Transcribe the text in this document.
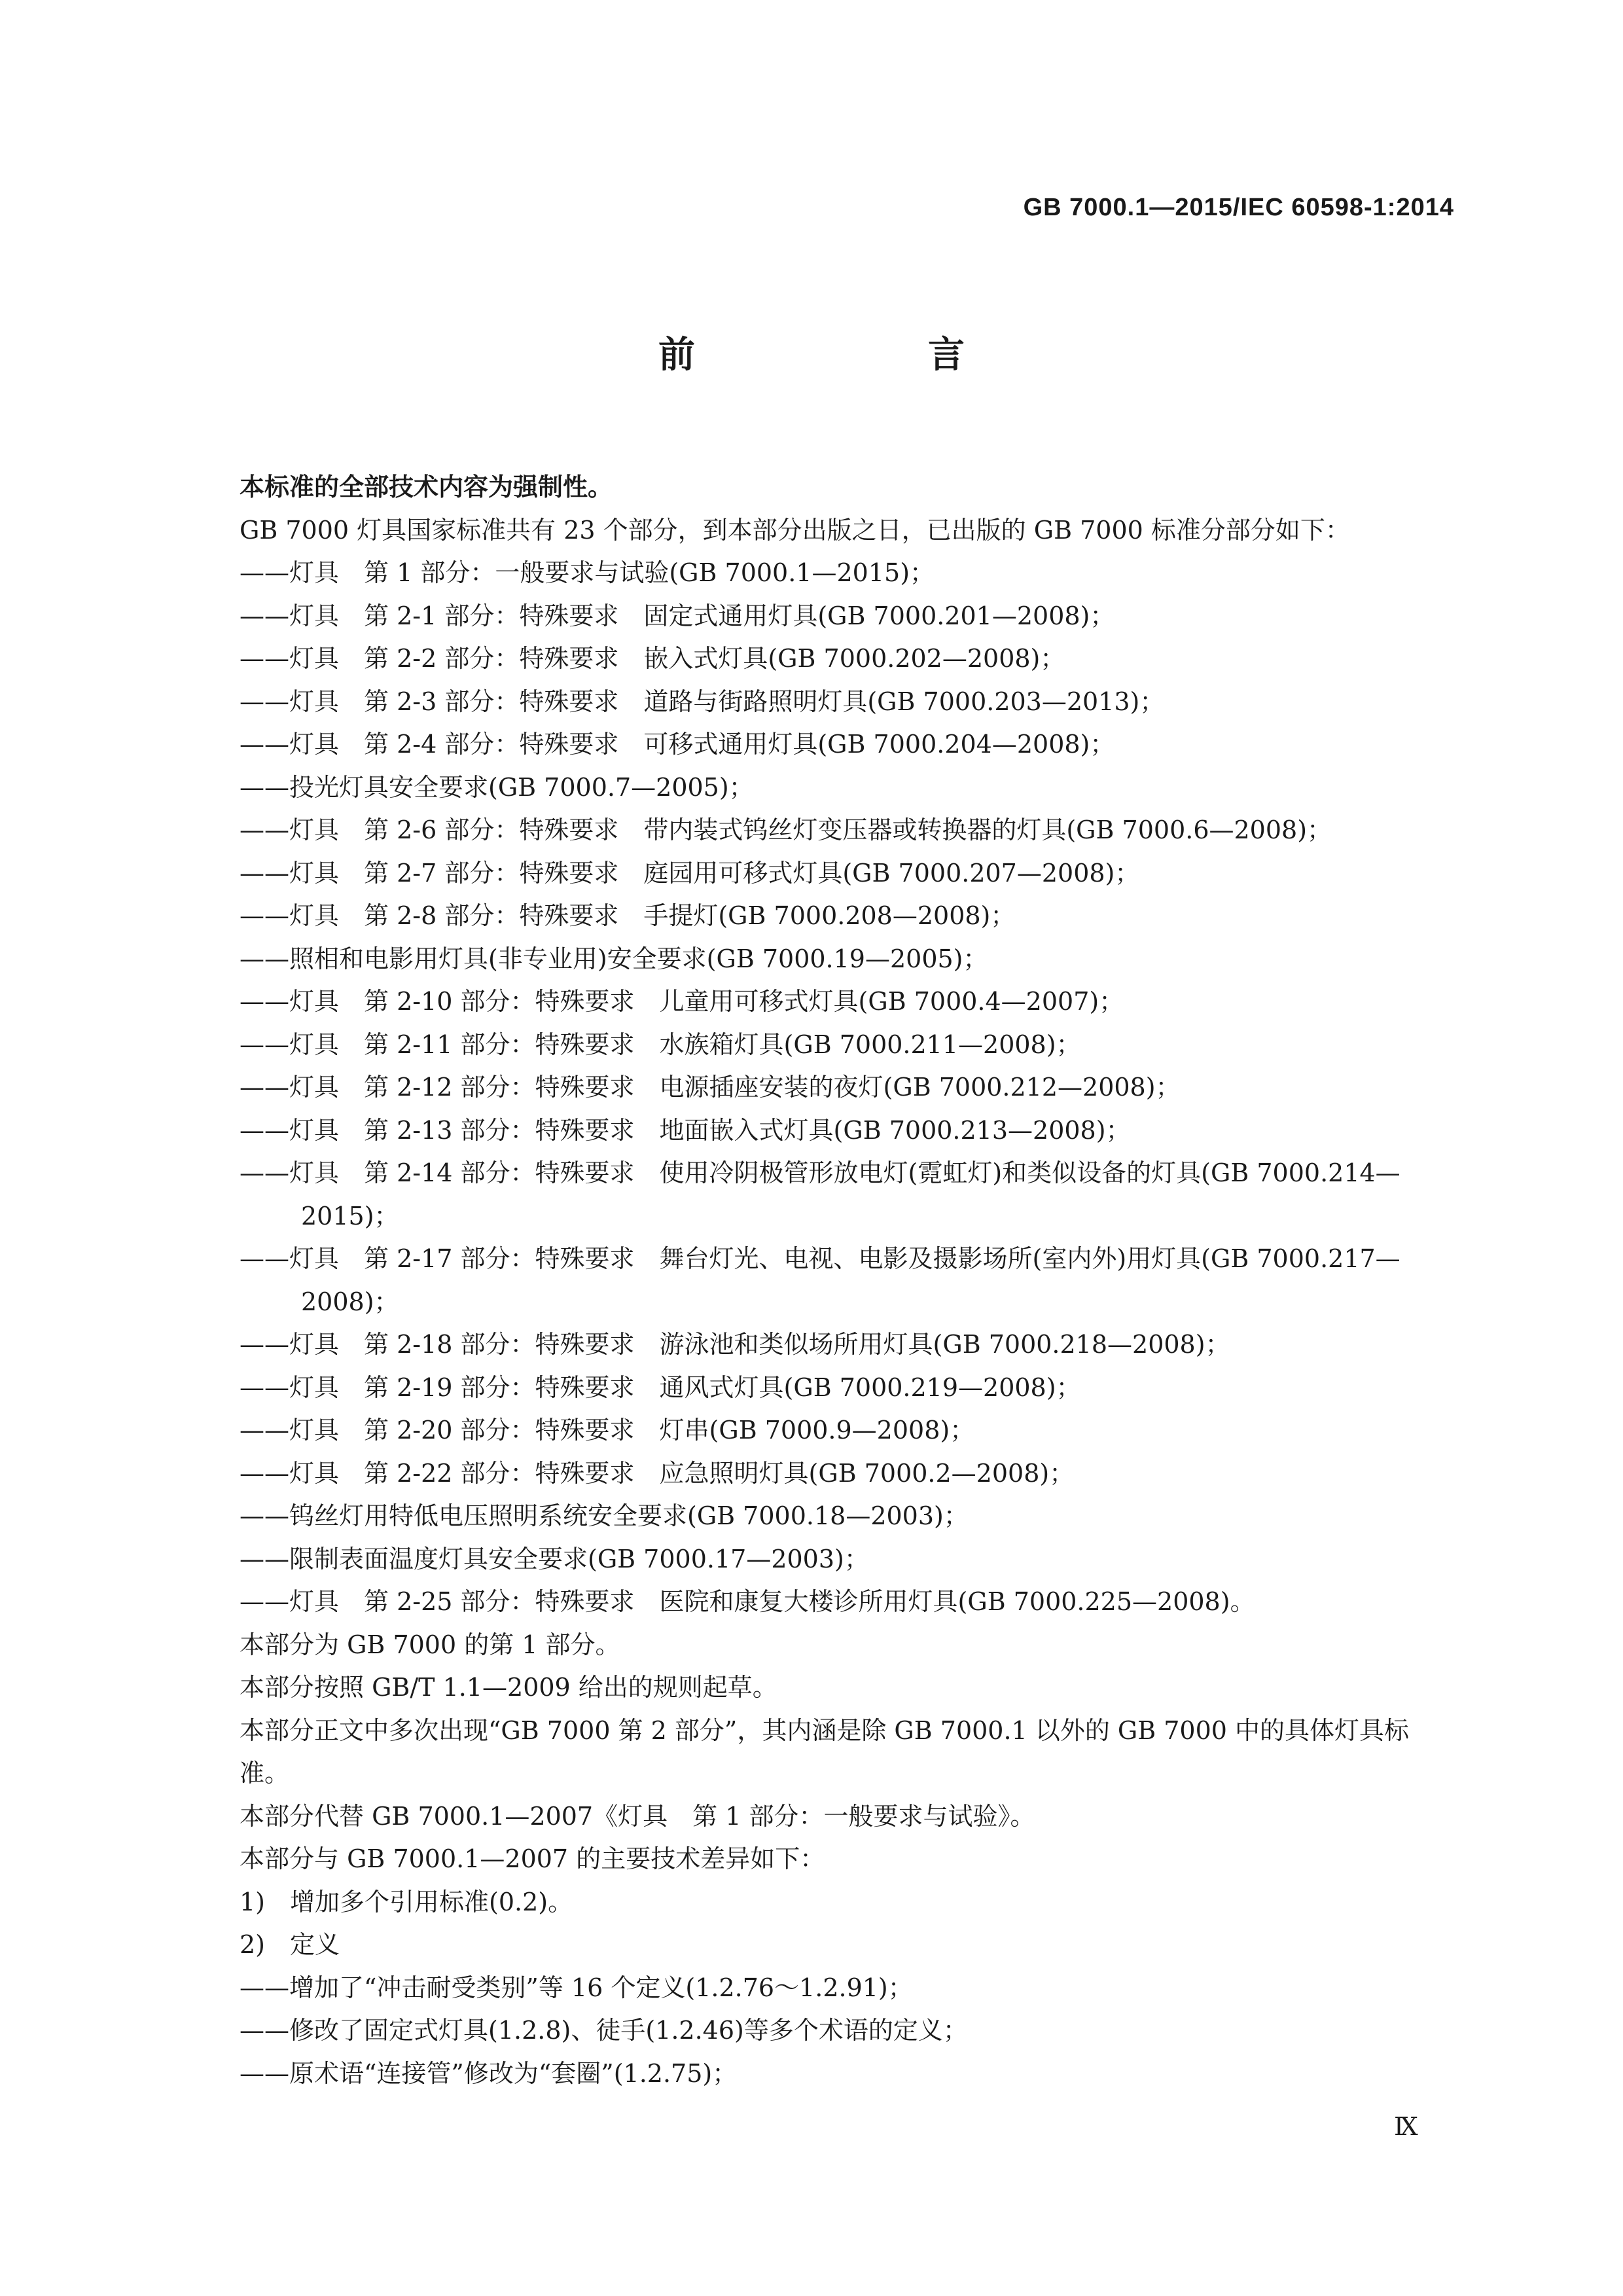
GB 7000.1—2015/IEC 60598-1:2014
前　言

本标准的全部技术内容为强制性。

GB 7000 灯具国家标准共有 23 个部分，到本部分出版之日，已出版的 GB 7000 标准分部分如下：

——灯具　第 1 部分：一般要求与试验(GB 7000.1—2015)；

——灯具　第 2-1 部分：特殊要求　固定式通用灯具(GB 7000.201—2008)；

——灯具　第 2-2 部分：特殊要求　嵌入式灯具(GB 7000.202—2008)；

——灯具　第 2-3 部分：特殊要求　道路与街路照明灯具(GB 7000.203—2013)；

——灯具　第 2-4 部分：特殊要求　可移式通用灯具(GB 7000.204—2008)；

——投光灯具安全要求(GB 7000.7—2005)；

——灯具　第 2-6 部分：特殊要求　带内装式钨丝灯变压器或转换器的灯具(GB 7000.6—2008)；

——灯具　第 2-7 部分：特殊要求　庭园用可移式灯具(GB 7000.207—2008)；

——灯具　第 2-8 部分：特殊要求　手提灯(GB 7000.208—2008)；

——照相和电影用灯具(非专业用)安全要求(GB 7000.19—2005)；

——灯具　第 2-10 部分：特殊要求　儿童用可移式灯具(GB 7000.4—2007)；

——灯具　第 2-11 部分：特殊要求　水族箱灯具(GB 7000.211—2008)；

——灯具　第 2-12 部分：特殊要求　电源插座安装的夜灯(GB 7000.212—2008)；

——灯具　第 2-13 部分：特殊要求　地面嵌入式灯具(GB 7000.213—2008)；

——灯具　第 2-14 部分：特殊要求　使用冷阴极管形放电灯(霓虹灯)和类似设备的灯具(GB 7000.214—2015)；

——灯具　第 2-17 部分：特殊要求　舞台灯光、电视、电影及摄影场所(室内外)用灯具(GB 7000.217—2008)；

——灯具　第 2-18 部分：特殊要求　游泳池和类似场所用灯具(GB 7000.218—2008)；

——灯具　第 2-19 部分：特殊要求　通风式灯具(GB 7000.219—2008)；

——灯具　第 2-20 部分：特殊要求　灯串(GB 7000.9—2008)；

——灯具　第 2-22 部分：特殊要求　应急照明灯具(GB 7000.2—2008)；

——钨丝灯用特低电压照明系统安全要求(GB 7000.18—2003)；

——限制表面温度灯具安全要求(GB 7000.17—2003)；

——灯具　第 2-25 部分：特殊要求　医院和康复大楼诊所用灯具(GB 7000.225—2008)。

本部分为 GB 7000 的第 1 部分。

本部分按照 GB/T 1.1—2009 给出的规则起草。

本部分正文中多次出现“GB 7000 第 2 部分”，其内涵是除 GB 7000.1 以外的 GB 7000 中的具体灯具标准。

本部分代替 GB 7000.1—2007《灯具　第 1 部分：一般要求与试验》。

本部分与 GB 7000.1—2007 的主要技术差异如下：

1)　增加多个引用标准(0.2)。

2)　定义

——增加了“冲击耐受类别”等 16 个定义(1.2.76～1.2.91)；

——修改了固定式灯具(1.2.8)、徒手(1.2.46)等多个术语的定义；

——原术语“连接管”修改为“套圈”(1.2.75)；

Ⅸ
